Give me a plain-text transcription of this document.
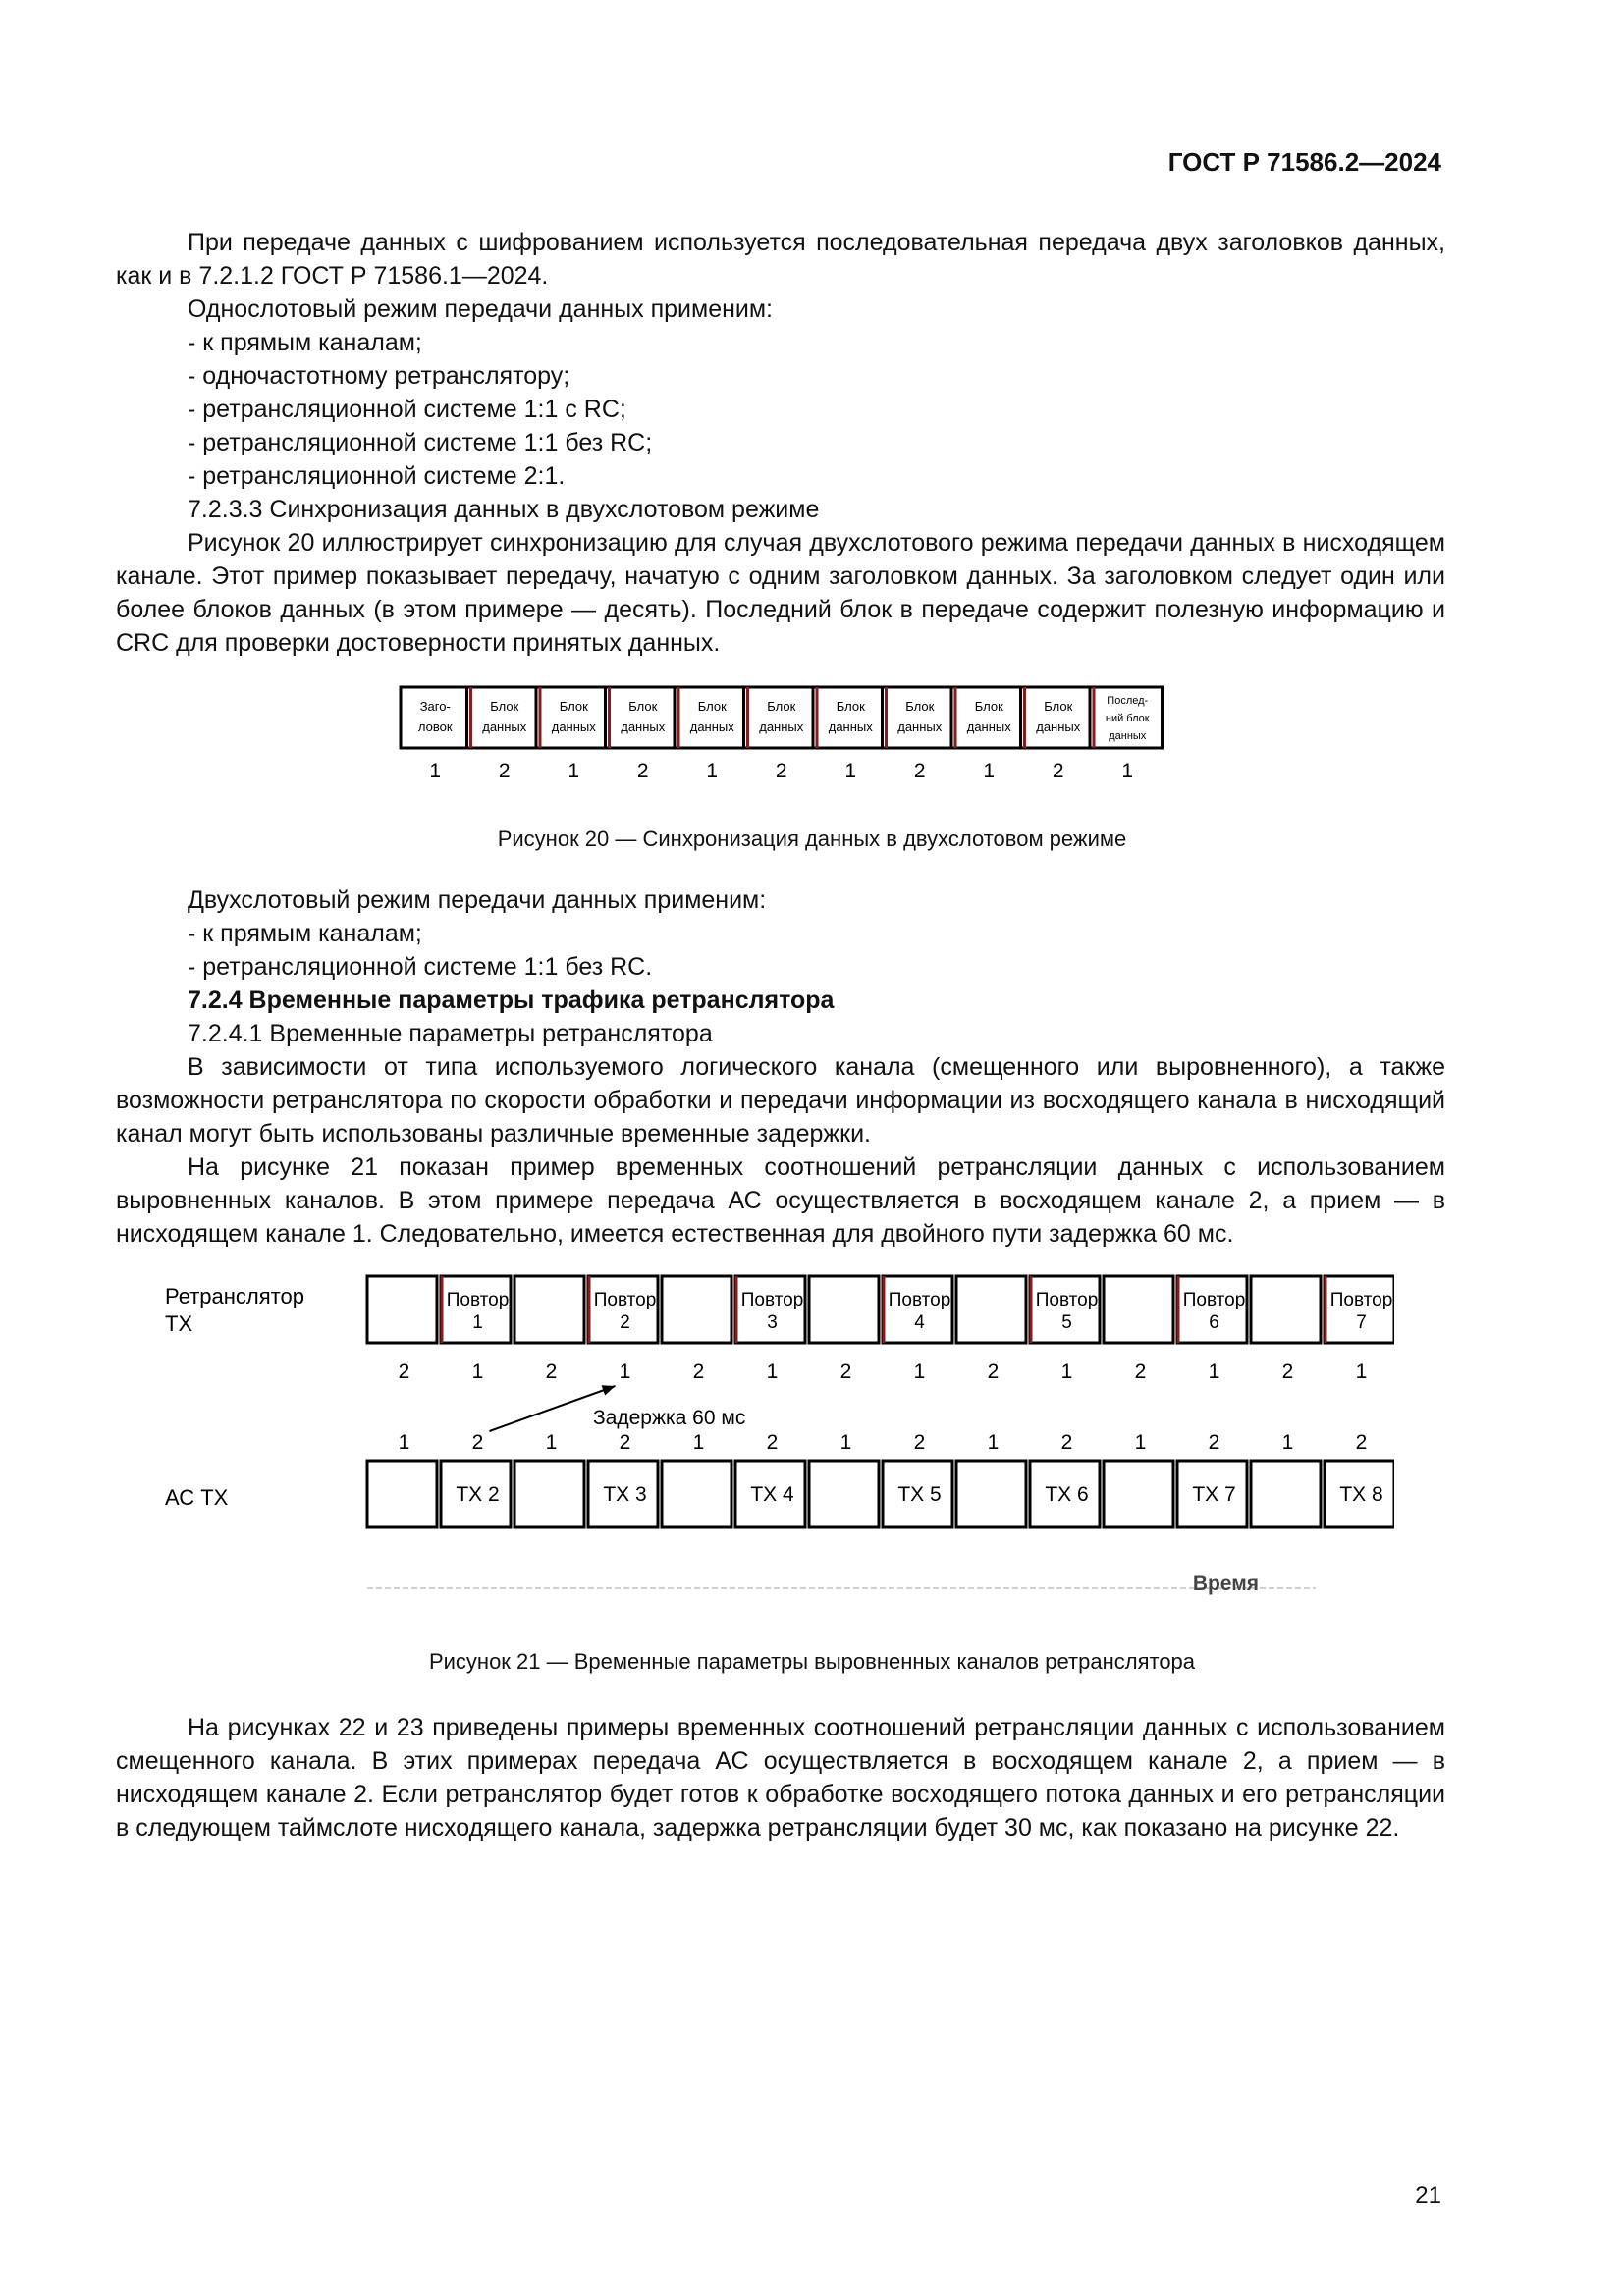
ГОСТ Р 71586.2—2024

При передаче данных с шифрованием используется последовательная передача двух заголовков данных, как и в 7.2.1.2 ГОСТ Р 71586.1—2024.

Однослотовый режим передачи данных применим:

- к прямым каналам;

- одночастотному ретранслятору;

- ретрансляционной системе 1:1 с RC;

- ретрансляционной системе 1:1 без RC;

- ретрансляционной системе 2:1.

7.2.3.3 Синхронизация данных в двухслотовом режиме

Рисунок 20 иллюстрирует синхронизацию для случая двухслотового режима передачи данных в нисходящем канале. Этот пример показывает передачу, начатую с одним заголовком данных. За заголовком следует один или более блоков данных (в этом примере — десять). Последний блок в передаче содержит полезную информацию и CRC для проверки достоверности принятых данных.

Заго-
ловок
1
Блок
данных
2
Блок
данных
1
Блок
данных
2
Блок
данных
1
Блок
данных
2
Блок
данных
1
Блок
данных
2
Блок
данных
1
Блок
данных
2
Послед-
ний блок
данных
1
Рисунок 20 — Синхронизация данных в двухслотовом режиме

Двухслотовый режим передачи данных применим:

- к прямым каналам;

- ретрансляционной системе 1:1 без RC.

7.2.4 Временные параметры трафика ретранслятора

7.2.4.1 Временные параметры ретранслятора

В зависимости от типа используемого логического канала (смещенного или выровненного), а также возможности ретранслятора по скорости обработки и передачи информации из восходящего канала в нисходящий канал могут быть использованы различные временные задержки.

На рисунке 21 показан пример временных соотношений ретрансляции данных с использованием выровненных каналов. В этом примере передача АС осуществляется в восходящем канале 2, а прием — в нисходящем канале 1. Следовательно, имеется естественная для двойного пути задержка 60 мс.

Ретранслятор
ТХ
АС ТХ
2
Повтор
1
1	2
Повтор
2
1	2
Повтор
3
1	2
Повтор
4
1	2
Повтор
5
1	2
Повтор
6
1	2
Повтор
7
1
1
TX 2
2	1
TX 3
2	1
TX 4
2	1
TX 5
2	1
TX 6
2	1
TX 7
2	1
TX 8
2
Задержка 60 мс
Время
Рисунок 21 — Временные параметры выровненных каналов ретранслятора

На рисунках 22 и 23 приведены примеры временных соотношений ретрансляции данных с использованием смещенного канала. В этих примерах передача АС осуществляется в восходящем канале 2, а прием — в нисходящем канале 2. Если ретранслятор будет готов к обработке восходящего потока данных и его ретрансляции в следующем таймслоте нисходящего канала, задержка ретрансляции будет 30 мс, как показано на рисунке 22.

21
